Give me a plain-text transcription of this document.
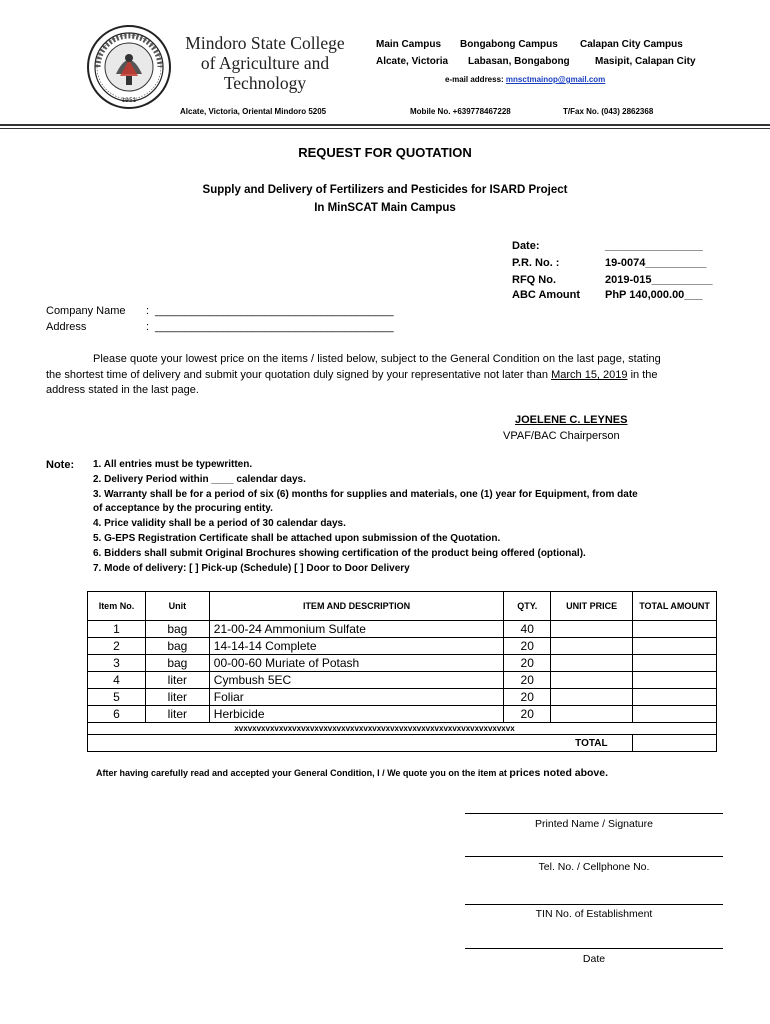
1951
Mindoro State College
of Agriculture and
Technology
Main Campus Bongabong Campus Calapan City Campus
Alcate, Victoria Labasan, Bongabong	Masipit, Calapan City
e-mail address: mnsctmainop@gmail.com
Alcate, Victoria, Oriental Mindoro 5205	Mobile No. +639778467228	T/Fax No. (043) 2862368
REQUEST FOR QUOTATION
Supply and Delivery of Fertilizers and Pesticides for ISARD Project
In MinSCAT Main Campus
Date:	________________
P.R. No. :	19-0074__________
RFQ No.	2019-015__________
ABC Amount PhP 140,000.00___
Company Name : _______________________________________
Address	: _______________________________________
Please quote your lowest price on the items / listed below, subject to the General Condition on the last page, stating
the shortest time of delivery and submit your quotation duly signed by your representative not later than March 15, 2019 in the
address stated in the last page.
JOELENE C. LEYNES
VPAF/BAC Chairperson
Note: 1. All entries must be typewritten.
2. Delivery Period within ____ calendar days.
3. Warranty shall be for a period of six (6) months for supplies and materials, one (1) year for Equipment, from date
of acceptance by the procuring entity.
4. Price validity shall be a period of 30 calendar days.
5. G-EPS Registration Certificate shall be attached upon submission of the Quotation.
6. Bidders shall submit Original Brochures showing certification of the product being offered (optional).
7. Mode of delivery: [ ] Pick-up (Schedule) [ ] Door to Door Delivery
Item No.	Unit	ITEM AND DESCRIPTION	QTY.	UNIT PRICE	TOTAL AMOUNT
1	bag	21-00-24 Ammonium Sulfate	40		
2	bag	14-14-14 Complete	20		
3	bag	00-00-60 Muriate of Potash	20		
4	liter	Cymbush 5EC	20		
5	liter	Foliar	20		
6	liter	Herbicide	20		
xvxvxvxvxvxvxvxvxvxvxvxvxvxvxvxvxvxvxvxvxvxvxvxvxvxvxvxvxvxvxvx					
				TOTAL	
After having carefully read and accepted your General Condition, I / We quote you on the item at prices noted above.
Printed Name / Signature
Tel. No. / Cellphone No.
TIN No. of Establishment
Date
